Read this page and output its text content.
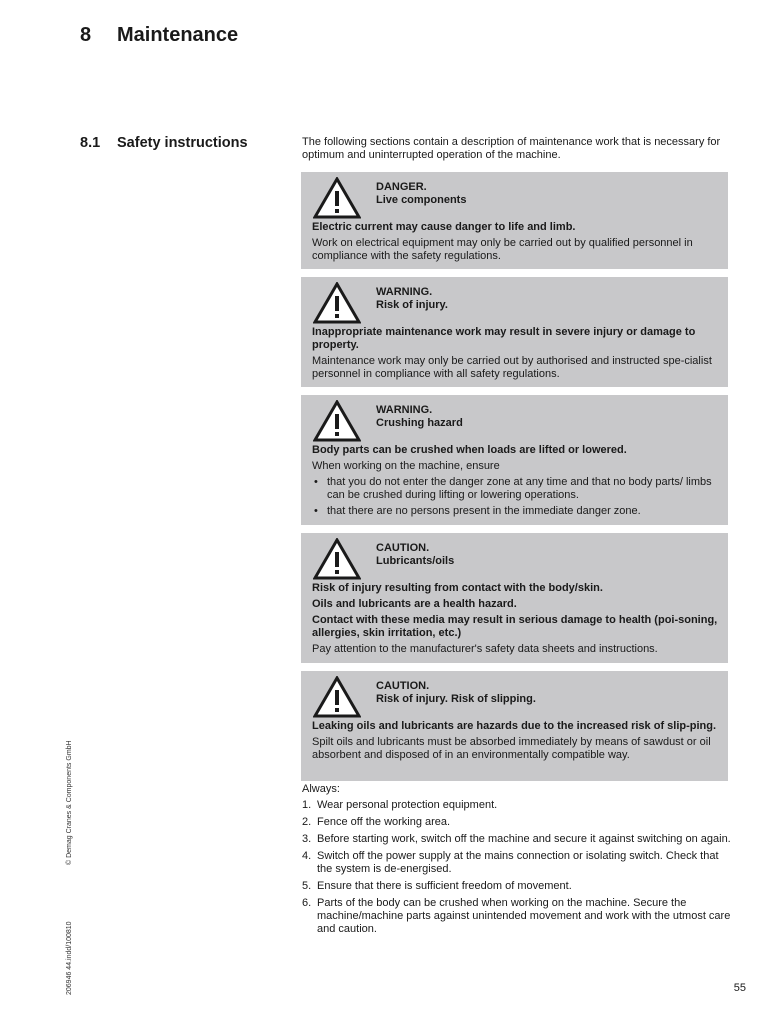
8 Maintenance
8.1 Safety instructions	The following sections contain a description of maintenance work that is necessary for optimum and uninterrupted operation of the machine.

DANGER.
Live components

Electric current may cause danger to life and limb.

Work on electrical equipment may only be carried out by qualified personnel in compliance with the safety regulations.

WARNING.
Risk of injury.

Inappropriate maintenance work may result in severe injury or damage to property.

Maintenance work may only be carried out by authorised and instructed spe-cialist personnel in compliance with all safety regulations.

WARNING.
Crushing hazard

Body parts can be crushed when loads are lifted or lowered.

When working on the machine, ensure

• that you do not enter the danger zone at any time and that no body parts/ limbs can be crushed during lifting or lowering operations.
• that there are no persons present in the immediate danger zone.
CAUTION.
Lubricants/oils

Risk of injury resulting from contact with the body/skin.

Oils and lubricants are a health hazard.

Contact with these media may result in serious damage to health (poi-soning, allergies, skin irritation, etc.)

Pay attention to the manufacturer's safety data sheets and instructions.

CAUTION.
Risk of injury. Risk of slipping.

Leaking oils and lubricants are hazards due to the increased risk of slip-ping.

Spilt oils and lubricants must be absorbed immediately by means of sawdust or oil absorbent and disposed of in an environmentally compatible way.

Always:

1. Wear personal protection equipment.
2. Fence off the working area.
3. Before starting work, switch off the machine and secure it against switching on again.
4. Switch off the power supply at the mains connection or isolating switch. Check that the system is de-energised.
5. Ensure that there is sufficient freedom of movement.
6. Parts of the body can be crushed when working on the machine. Secure the machine/machine parts against unintended movement and work with the utmost care and caution.
© Demag Cranes & Components GmbH
206946 44.indd/100810	55
